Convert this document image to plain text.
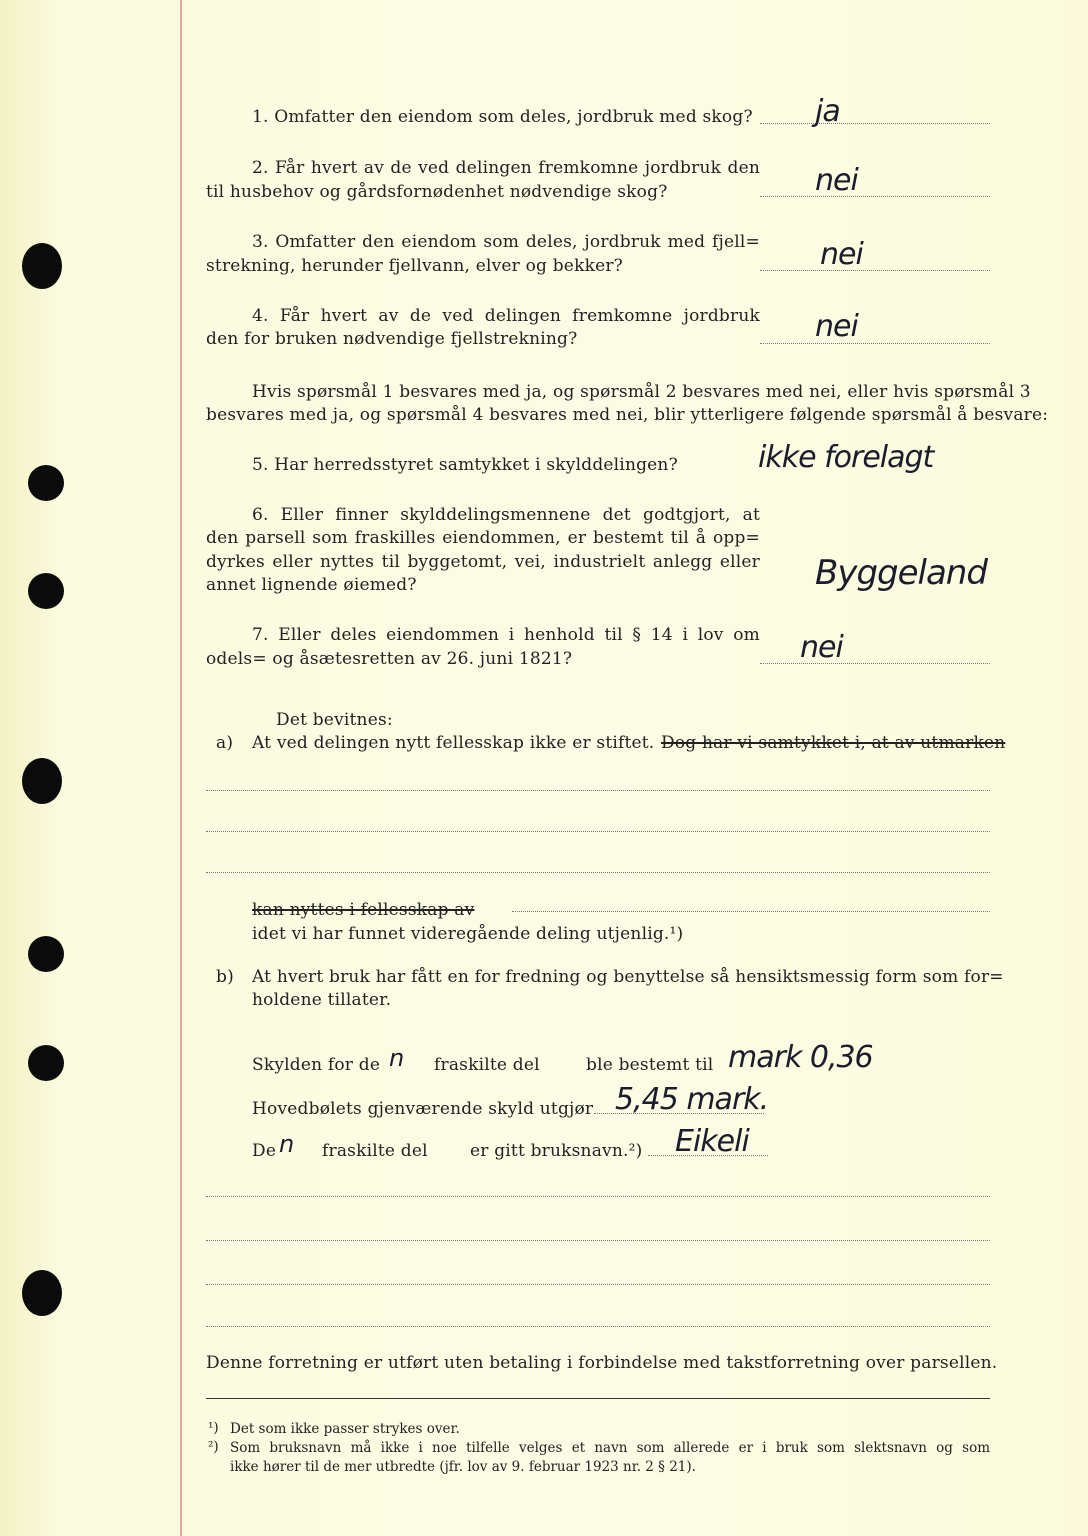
1. Omfatter den eiendom som deles, jordbruk med skog? ja
2. Får hvert av de ved delingen fremkomne jordbruk den
til husbehov og gårdsfornødenhet nødvendige skog?	nei
3. Omfatter den eiendom som deles, jordbruk med fjell=
strekning, herunder fjellvann, elver og bekker?	nei
4. Får hvert av de ved delingen fremkomne jordbruk
den for bruken nødvendige fjellstrekning?	nei
Hvis spørsmål 1 besvares med ja, og spørsmål 2 besvares med nei, eller hvis spørsmål 3
besvares med ja, og spørsmål 4 besvares med nei, blir ytterligere følgende spørsmål å besvare:
5. Har herredsstyret samtykket i skylddelingen?	ikke forelagt
6. Eller finner skylddelingsmennene det godtgjort, at
den parsell som fraskilles eiendommen, er bestemt til å opp=
dyrkes eller nyttes til byggetomt, vei, industrielt anlegg eller
annet lignende øiemed?	Byggeland
7. Eller deles eiendommen i henhold til § 14 i lov om
odels= og åsætesretten av 26. juni 1821?	nei
Det bevitnes:
a) At ved delingen nytt fellesskap ikke er stiftet. Dog har vi samtykket i, at av utmarken
kan nyttes i fellesskap av
idet vi har funnet videregående deling utjenlig.¹)
b) At hvert bruk har fått en for fredning og benyttelse så hensiktsmessig form som for=
holdene tillater.
Skylden for de n fraskilte del	ble bestemt til mark 0,36
Hovedbølets gjenværende skyld utgjør 5,45 mark.
De n fraskilte del er gitt bruksnavn.²) Eikeli
Denne forretning er utført uten betaling i forbindelse med takstforretning over parsellen.
¹) Det som ikke passer strykes over.
²) Som bruksnavn må ikke i noe tilfelle velges et navn som allerede er i bruk som slektsnavn og som
ikke hører til de mer utbredte (jfr. lov av 9. februar 1923 nr. 2 § 21).
